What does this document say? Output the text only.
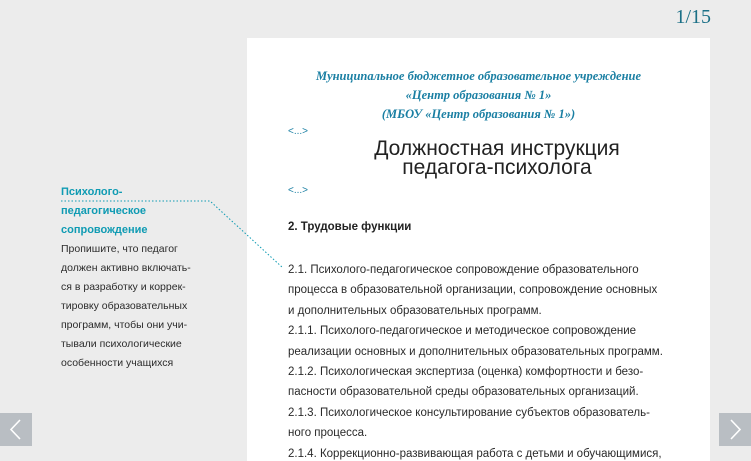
1/15
Психолого-
педагогическое
сопровождение
Пропишите, что педагог
должен активно включать-
ся в разработку и коррек-
тировку образовательных
программ, чтобы они учи-
тывали психологические
особенности учащихся
Муниципальное бюджетное образовательное учреждение
«Центр образования № 1»
(МБОУ «Центр образования № 1»)
<...>
Должностная инструкция
педагога-психолога
<...>
2. Трудовые функции
2.1. Психолого-педагогическое сопровождение образовательного
процесса в образовательной организации, сопровождение основных
и дополнительных образовательных программ.
2.1.1. Психолого-педагогическое и методическое сопровождение
реализации основных и дополнительных образовательных программ.
2.1.2. Психологическая экспертиза (оценка) комфортности и безо-
пасности образовательной среды образовательных организаций.
2.1.3. Психологическое консультирование субъектов образователь-
ного процесса.
2.1.4. Коррекционно-развивающая работа с детьми и обучающимися,
